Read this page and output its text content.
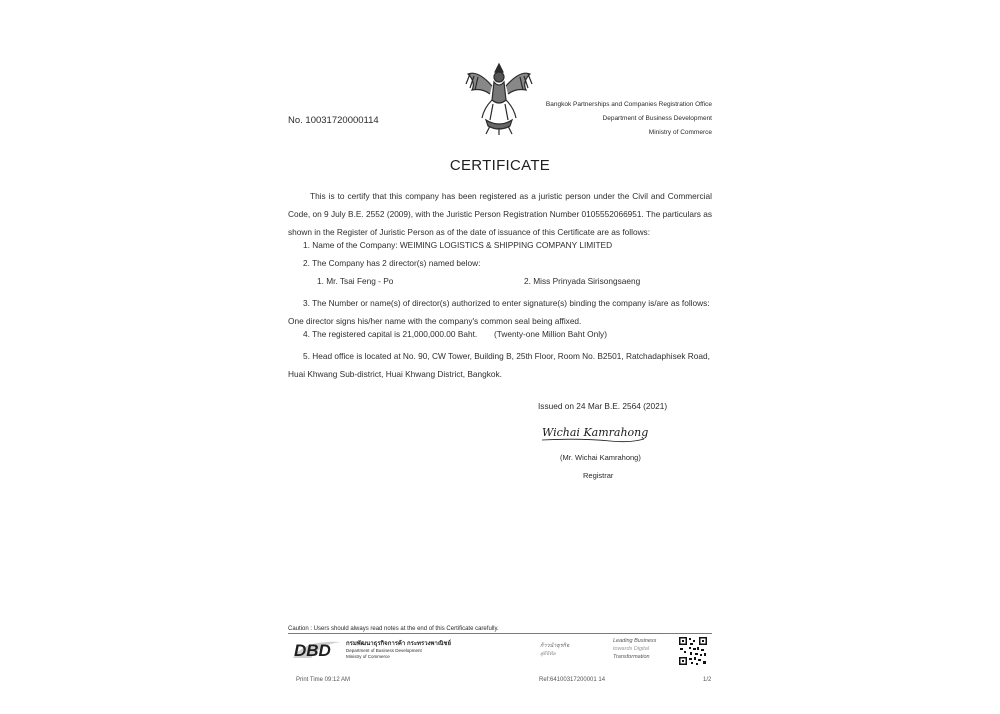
No. 10031720000114
Bangkok Partnerships and Companies Registration Office
Department of Business Development
Ministry of Commerce
CERTIFICATE
This is to certify that this company has been registered as a juristic person under the Civil and Commercial Code, on 9 July B.E. 2552 (2009), with the Juristic Person Registration Number 0105552066951. The particulars as shown in the Register of Juristic Person as of the date of issuance of this Certificate are as follows:
1. Name of the Company: WEIMING LOGISTICS & SHIPPING COMPANY LIMITED
2. The Company has 2 director(s) named below:
1. Mr. Tsai Feng - Po	2. Miss Prinyada Sirisongsaeng
3. The Number or name(s) of director(s) authorized to enter signature(s) binding the company is/are as follows: One director signs his/her name with the company's common seal being affixed.
4. The registered capital is 21,000,000.00 Baht. (Twenty-one Million Baht Only)
5. Head office is located at No. 90, CW Tower, Building B, 25th Floor, Room No. B2501, Ratchadaphisek Road, Huai Khwang Sub-district, Huai Khwang District, Bangkok.
Issued on 24 Mar B.E. 2564 (2021)
Wichai Kamrahong
(Mr. Wichai Kamrahong)
Registrar
Caution : Users should always read notes at the end of this Certificate carefully.
DBD	กรมพัฒนาธุรกิจการค้า กระทรวงพาณิชย์
Department of Business Development
Ministry of Commerce
ก้าวนำธุรกิจ
สู่ดิจิทัล
Leading Business
towards Digital
Transformation
Print Time 09:12 AM	Ref:64100317200001 14	1/2
